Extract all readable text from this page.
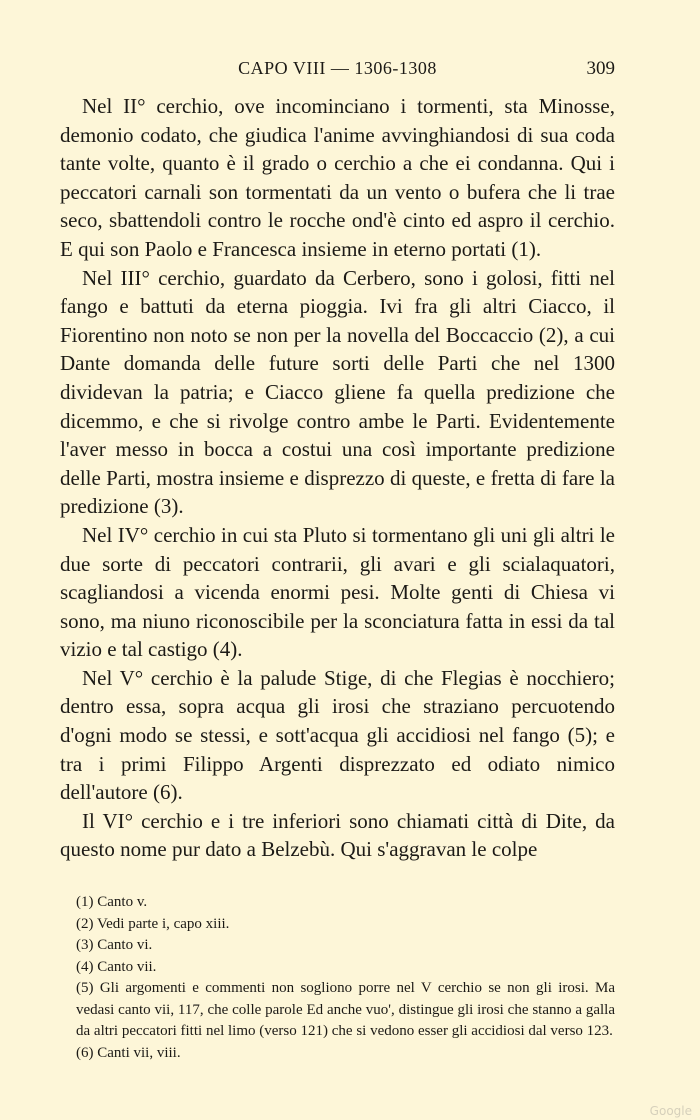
CAPO VIII — 1306-1308	309

Nel II° cerchio, ove incominciano i tormenti, sta Minosse, demonio codato, che giudica l'anime avvinghiandosi di sua coda tante volte, quanto è il grado o cerchio a che ei condanna. Qui i peccatori carnali son tormentati da un vento o bufera che li trae seco, sbattendoli contro le rocche ond'è cinto ed aspro il cerchio. E qui son Paolo e Francesca insieme in eterno portati (1).

Nel III° cerchio, guardato da Cerbero, sono i golosi, fitti nel fango e battuti da eterna pioggia. Ivi fra gli altri Ciacco, il Fiorentino non noto se non per la novella del Boccaccio (2), a cui Dante domanda delle future sorti delle Parti che nel 1300 dividevan la patria; e Ciacco gliene fa quella predizione che dicemmo, e che si rivolge contro ambe le Parti. Evidentemente l'aver messo in bocca a costui una così importante predizione delle Parti, mostra insieme e disprezzo di queste, e fretta di fare la predizione (3).

Nel IV° cerchio in cui sta Pluto si tormentano gli uni gli altri le due sorte di peccatori contrarii, gli avari e gli scialaquatori, scagliandosi a vicenda enormi pesi. Molte genti di Chiesa vi sono, ma niuno riconoscibile per la sconciatura fatta in essi da tal vizio e tal castigo (4).

Nel V° cerchio è la palude Stige, di che Flegias è nocchiero; dentro essa, sopra acqua gli irosi che straziano percuotendo d'ogni modo se stessi, e sott'acqua gli accidiosi nel fango (5); e tra i primi Filippo Argenti disprezzato ed odiato nimico dell'autore (6).

Il VI° cerchio e i tre inferiori sono chiamati città di Dite, da questo nome pur dato a Belzebù. Qui s'aggravan le colpe

(1) Canto v.

(2) Vedi parte i, capo xiii.

(3) Canto vi.

(4) Canto vii.

(5) Gli argomenti e commenti non sogliono porre nel V cerchio se non gli irosi. Ma vedasi canto vii, 117, che colle parole Ed anche vuo', distingue gli irosi che stanno a galla da altri peccatori fitti nel limo (verso 121) che si vedono esser gli accidiosi dal verso 123.

(6) Canti vii, viii.

Google
